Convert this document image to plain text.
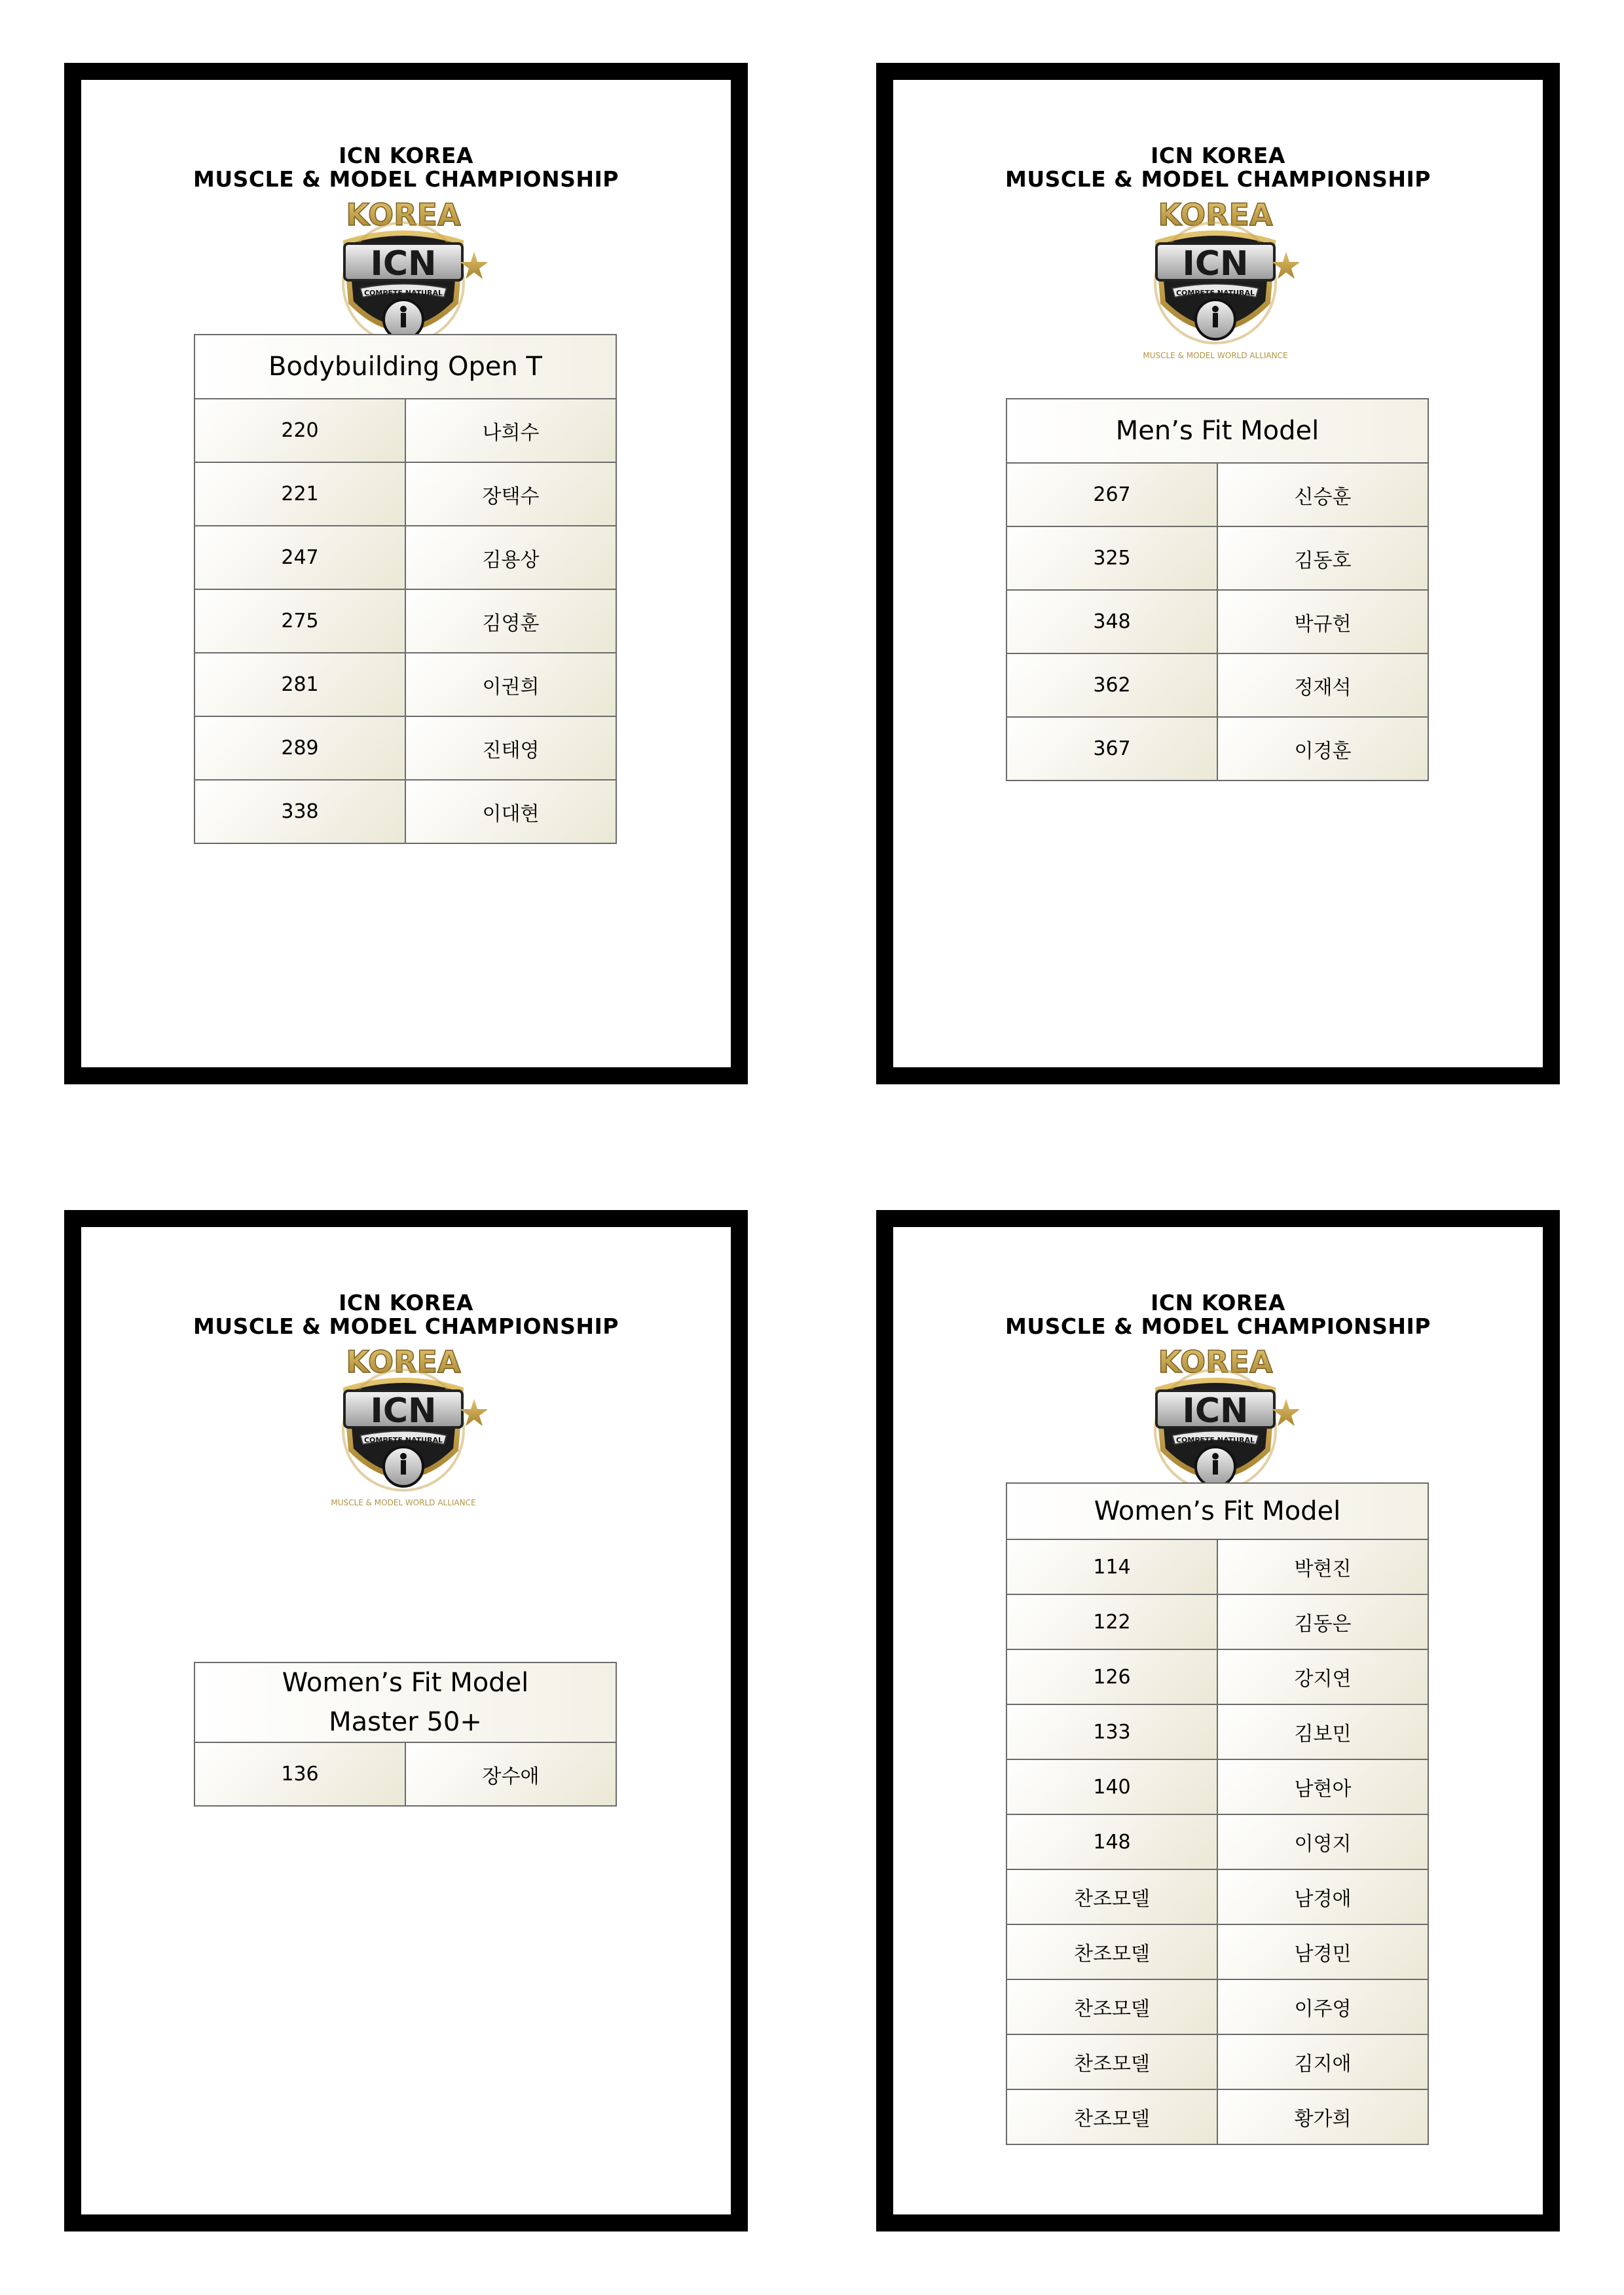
ICN KOREA
MUSCLE & MODEL CHAMPIONSHIP
Bodybuilding Open T	
220	나희수
221	장택수
247	김용상
275	김영훈
281	이권희
289	진태영
338	이대현
ICN KOREA
MUSCLE & MODEL CHAMPIONSHIP
Men’s Fit Model	
267	신승훈
325	김동호
348	박규헌
362	정재석
367	이경훈
ICN KOREA
MUSCLE & MODEL CHAMPIONSHIP
Women’s Fit Model
Master 50+

136	장수애
ICN KOREA
MUSCLE & MODEL CHAMPIONSHIP
Women’s Fit Model	
114	박현진
122	김동은
126	강지연
133	김보민
140	남현아
148	이영지
찬조모델	남경애
찬조모델	남경민
찬조모델	이주영
찬조모델	김지애
찬조모델	황가희
